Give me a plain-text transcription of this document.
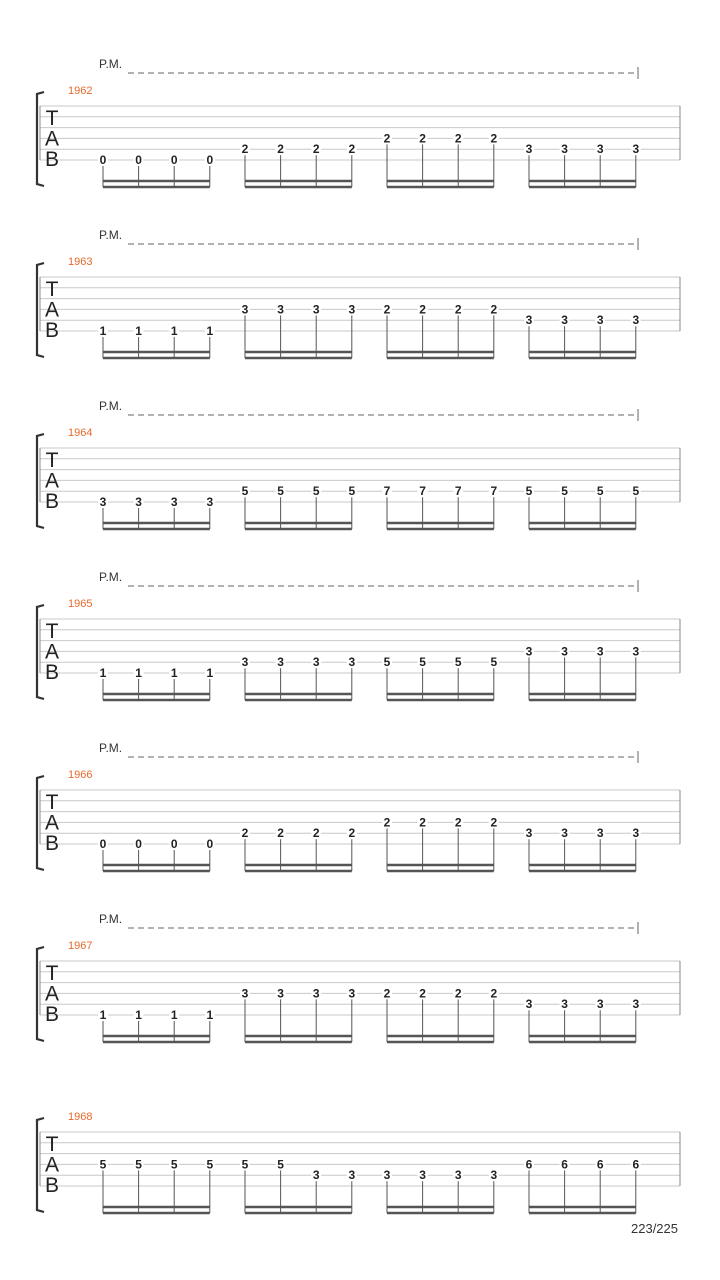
P.M.
1962
T
A
B	0 0 0 0
2 2 2 2
2 2 2 2
3 3 3 3
P.M.
1963
T
A
B	1 1 1 1
3 3 3 3 2 2 2 2
3 3 3 3
P.M.
1964
T
A
B	3 3 3 3
5 5 5 5 7 7 7 7 5 5 5 5
P.M.
1965
T
A
B	1 1 1 1
3 3 3 3 5 5 5 5
3 3 3 3
P.M.
1966
T
A
B	0 0 0 0
2 2 2 2
2 2 2 2
3 3 3 3
P.M.
1967
T
A
B	1 1 1 1
3 3 3 3 2 2 2 2
3 3 3 3
1968
T
A
B
5 5 5 5 5 5
3 3 3 3 3 3
6 6 6 6
223/225
